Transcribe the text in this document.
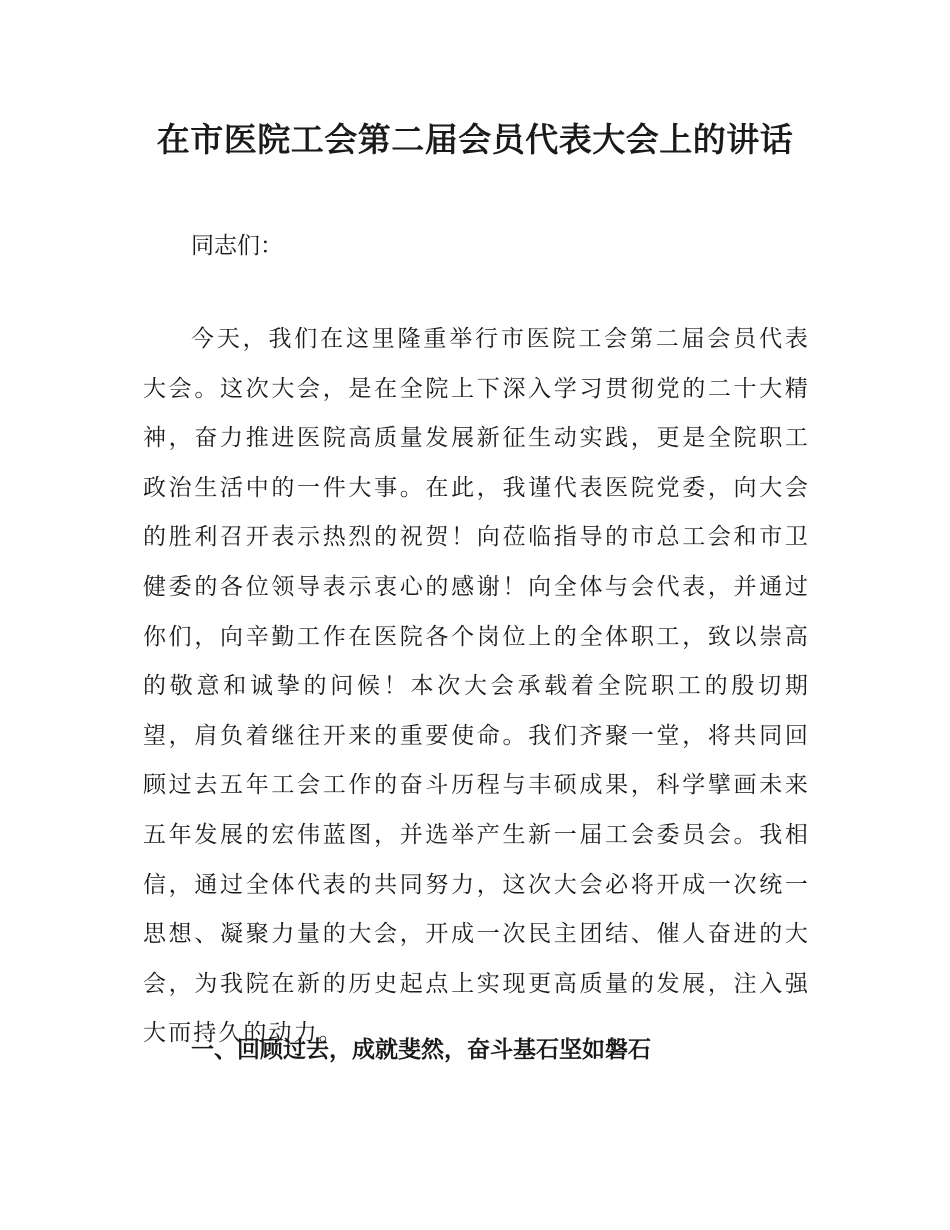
在市医院工会第二届会员代表大会上的讲话

同志们：

今天，我们在这里隆重举行市医院工会第二届会员代表大会。这次大会，是在全院上下深入学习贯彻党的二十大精神，奋力推进医院高质量发展新征生动实践，更是全院职工政治生活中的一件大事。在此，我谨代表医院党委，向大会的胜利召开表示热烈的祝贺！向莅临指导的市总工会和市卫健委的各位领导表示衷心的感谢！向全体与会代表，并通过你们，向辛勤工作在医院各个岗位上的全体职工，致以崇高的敬意和诚挚的问候！本次大会承载着全院职工的殷切期望，肩负着继往开来的重要使命。我们齐聚一堂，将共同回顾过去五年工会工作的奋斗历程与丰硕成果，科学擘画未来五年发展的宏伟蓝图，并选举产生新一届工会委员会。我相信，通过全体代表的共同努力，这次大会必将开成一次统一思想、凝聚力量的大会，开成一次民主团结、催人奋进的大会，为我院在新的历史起点上实现更高质量的发展，注入强大而持久的动力。

一、回顾过去，成就斐然，奋斗基石坚如磐石
